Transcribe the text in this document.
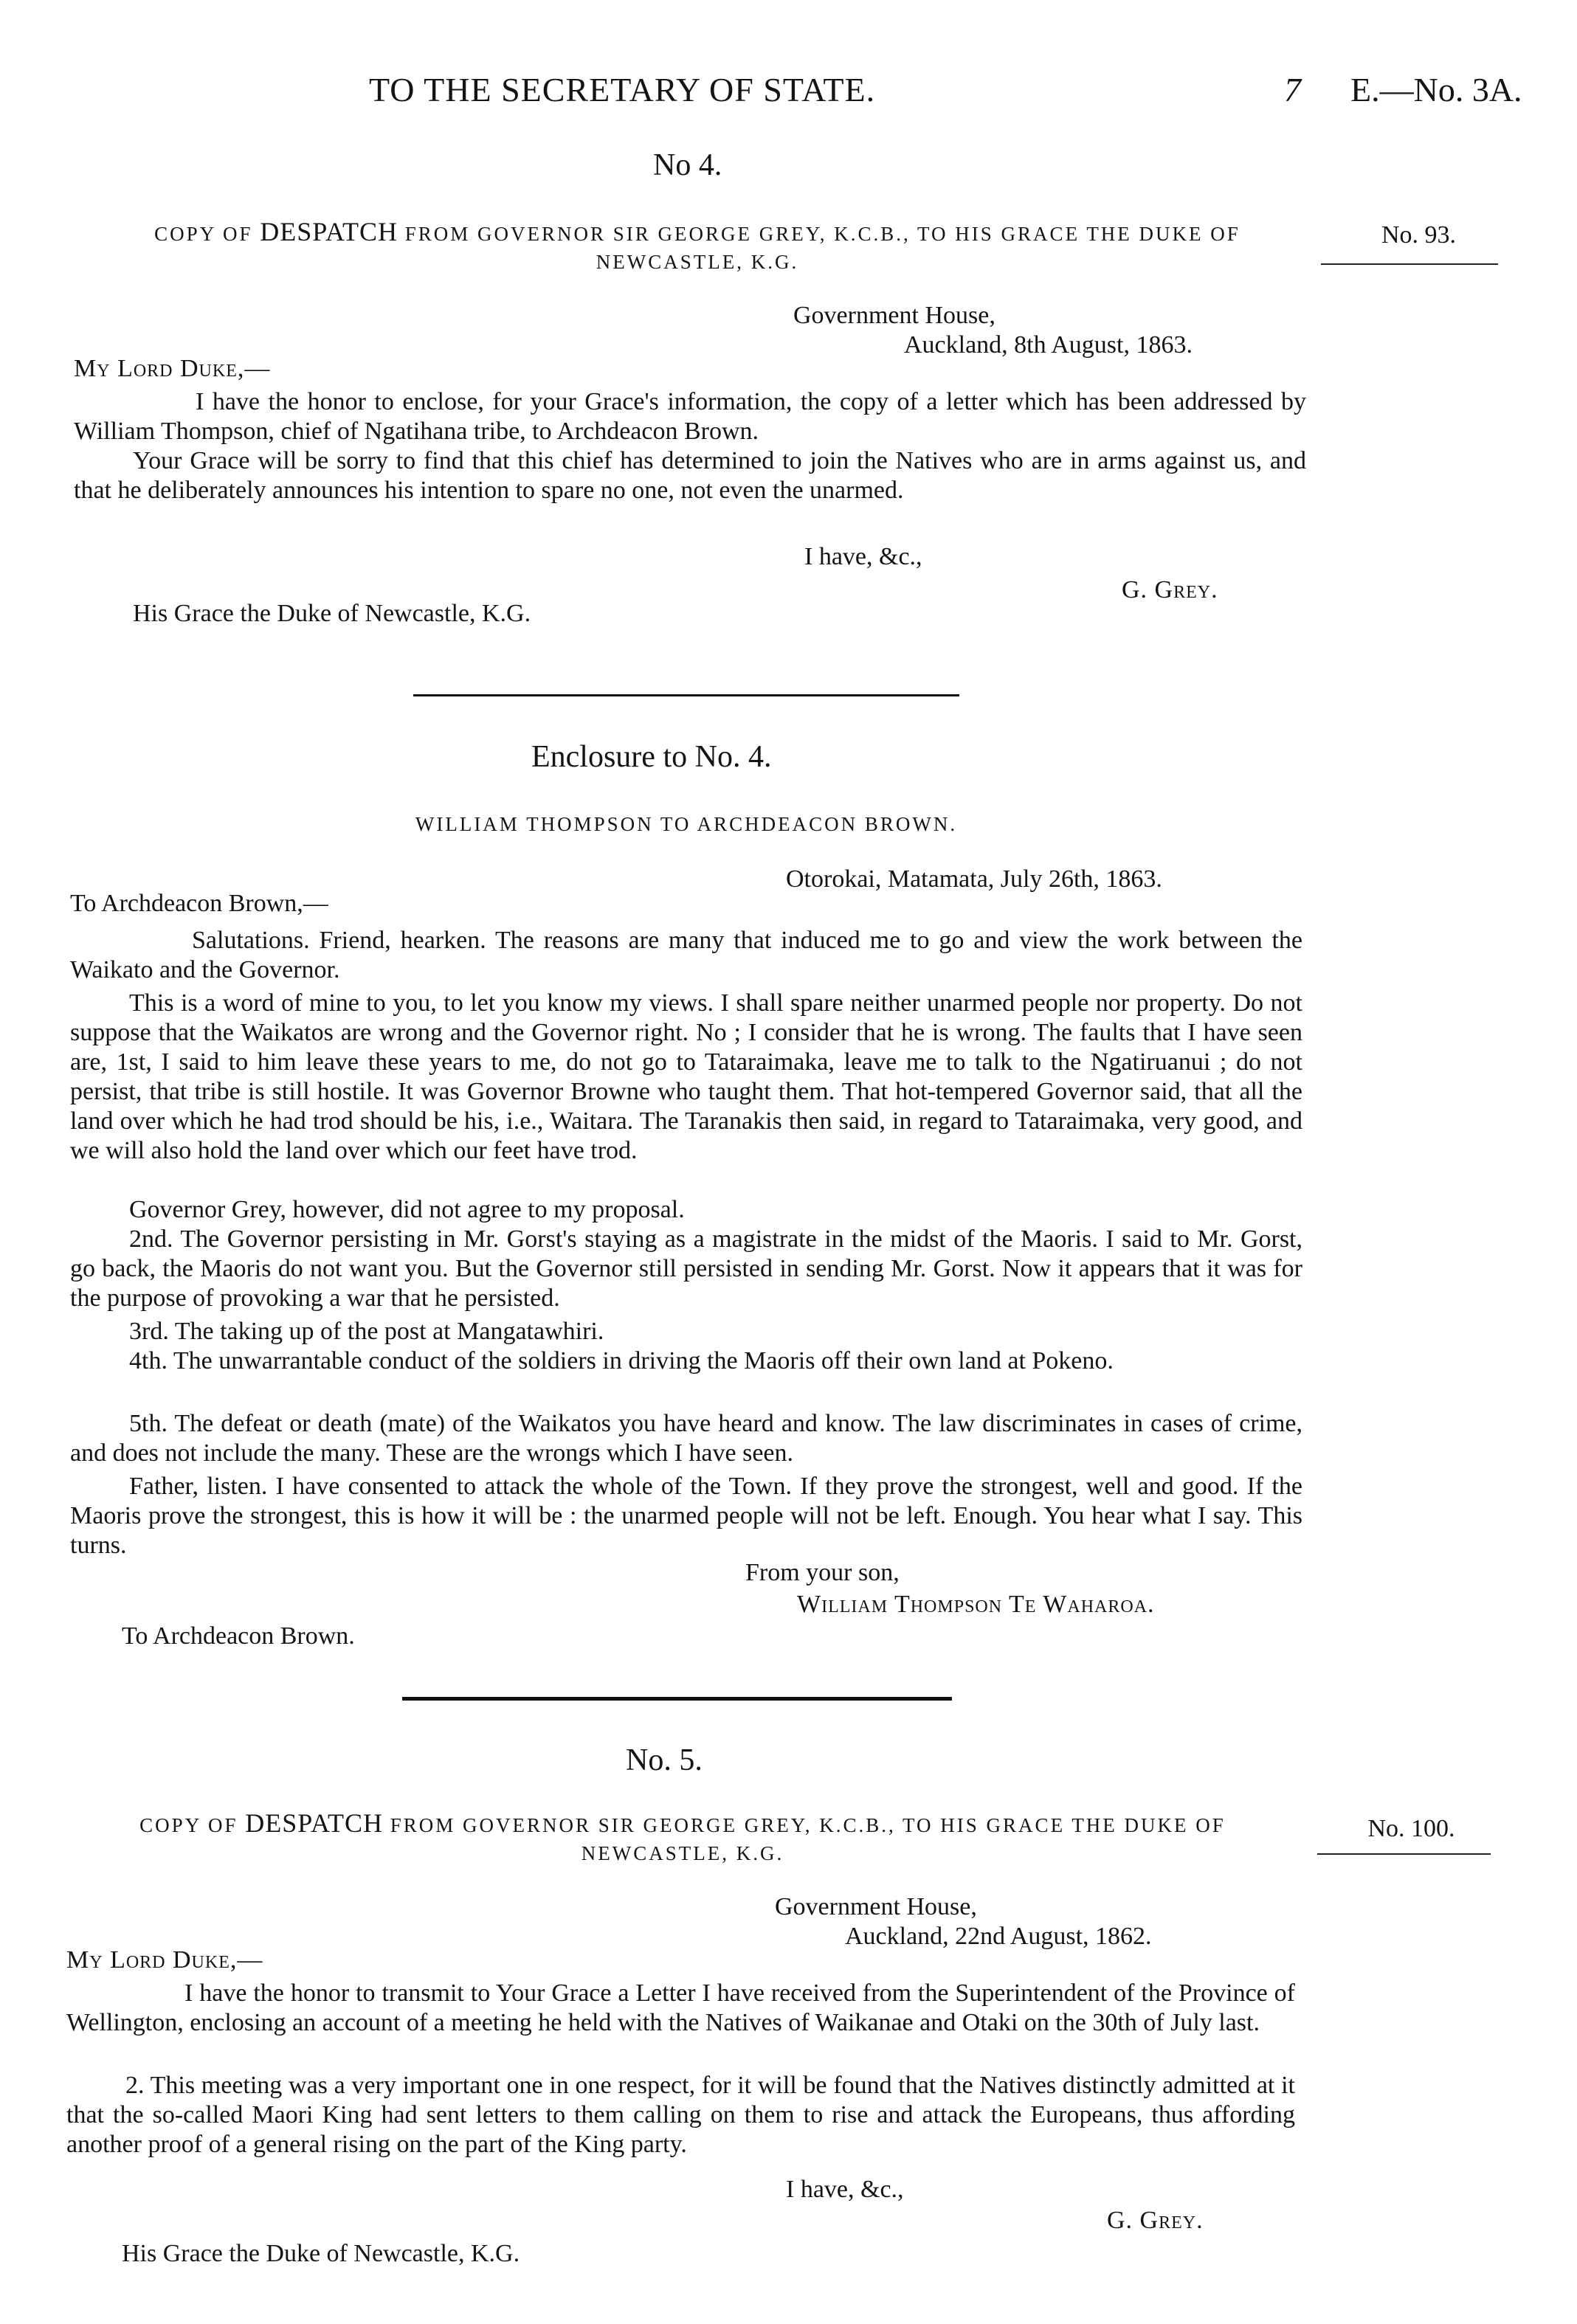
TO THE SECRETARY OF STATE.	7 E.—No. 3A.
No 4.
COPY OF DESPATCH FROM GOVERNOR SIR GEORGE GREY, K.C.B., TO HIS GRACE THE DUKE OF
NEWCASTLE, K.G.
No. 93.
Government House,
Auckland, 8th August, 1863.
My Lord Duke,—
I have the honor to enclose, for your Grace's information, the copy of a letter which has been addressed by William Thompson, chief of Ngatihana tribe, to Archdeacon Brown.
Your Grace will be sorry to find that this chief has determined to join the Natives who are in arms against us, and that he deliberately announces his intention to spare no one, not even the unarmed.
I have, &c.,
G. Grey.
His Grace the Duke of Newcastle, K.G.
Enclosure to No. 4.
WILLIAM THOMPSON TO ARCHDEACON BROWN.
Otorokai, Matamata, July 26th, 1863.
To Archdeacon Brown,—
Salutations. Friend, hearken. The reasons are many that induced me to go and view the work between the Waikato and the Governor.
This is a word of mine to you, to let you know my views. I shall spare neither unarmed people nor property. Do not suppose that the Waikatos are wrong and the Governor right. No ; I consider that he is wrong. The faults that I have seen are, 1st, I said to him leave these years to me, do not go to Tataraimaka, leave me to talk to the Ngatiruanui ; do not persist, that tribe is still hostile. It was Governor Browne who taught them. That hot-tempered Governor said, that all the land over which he had trod should be his, i.e., Waitara. The Taranakis then said, in regard to Tataraimaka, very good, and we will also hold the land over which our feet have trod.
Governor Grey, however, did not agree to my proposal.
2nd. The Governor persisting in Mr. Gorst's staying as a magistrate in the midst of the Maoris. I said to Mr. Gorst, go back, the Maoris do not want you. But the Governor still persisted in sending Mr. Gorst. Now it appears that it was for the purpose of provoking a war that he persisted.
3rd. The taking up of the post at Mangatawhiri.
4th. The unwarrantable conduct of the soldiers in driving the Maoris off their own land at Pokeno.
5th. The defeat or death (mate) of the Waikatos you have heard and know. The law discriminates in cases of crime, and does not include the many. These are the wrongs which I have seen.
Father, listen. I have consented to attack the whole of the Town. If they prove the strongest, well and good. If the Maoris prove the strongest, this is how it will be : the unarmed people will not be left. Enough. You hear what I say. This turns.
From your son,
William Thompson Te Waharoa.
To Archdeacon Brown.
No. 5.
COPY OF DESPATCH FROM GOVERNOR SIR GEORGE GREY, K.C.B., TO HIS GRACE THE DUKE OF
NEWCASTLE, K.G.
No. 100.
Government House,
Auckland, 22nd August, 1862.
My Lord Duke,—
I have the honor to transmit to Your Grace a Letter I have received from the Superintendent of the Province of Wellington, enclosing an account of a meeting he held with the Natives of Waikanae and Otaki on the 30th of July last.
2. This meeting was a very important one in one respect, for it will be found that the Natives distinctly admitted at it that the so-called Maori King had sent letters to them calling on them to rise and attack the Europeans, thus affording another proof of a general rising on the part of the King party.
I have, &c.,
G. Grey.
His Grace the Duke of Newcastle, K.G.
